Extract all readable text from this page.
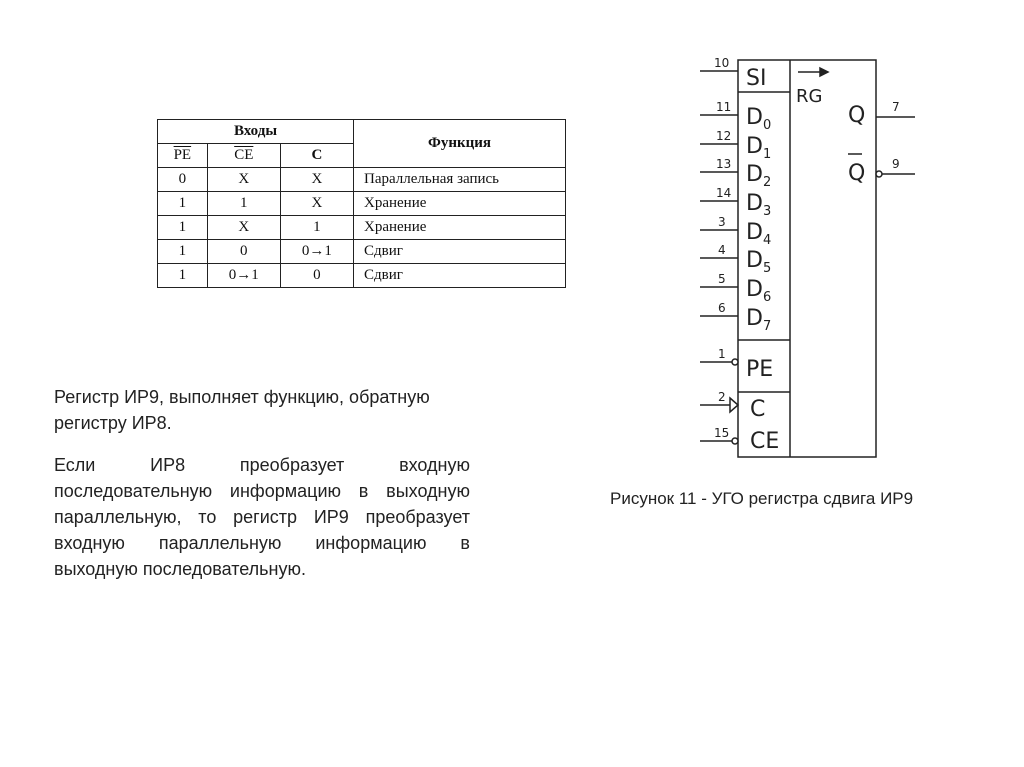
Входы			Функция
$\overline{PE}$	$\overline{CE}$	C	
0	X	X	Параллельная запись
1	1	X	Хранение
1	X	1	Хранение
1	0	0→1	Сдвиг
1	0→1	0	Сдвиг

Регистр ИР9, выполняет функцию, обратную регистру ИР8.

Если ИР8 преобразует входную последовательную информацию в выходную параллельную, то регистр ИР9 преобразует входную параллельную информацию в выходную последовательную.

SI
$D_0$
$D_1$
$D_2$
$D_3$
$D_4$
$D_5$
$D_6$
$D_7$
PE
C
CE
RG
Q
Q
10
11
12
13
14
3
4
5
6
1
2
15
7
9
Рисунок 11 - УГО регистра сдвига ИР9
